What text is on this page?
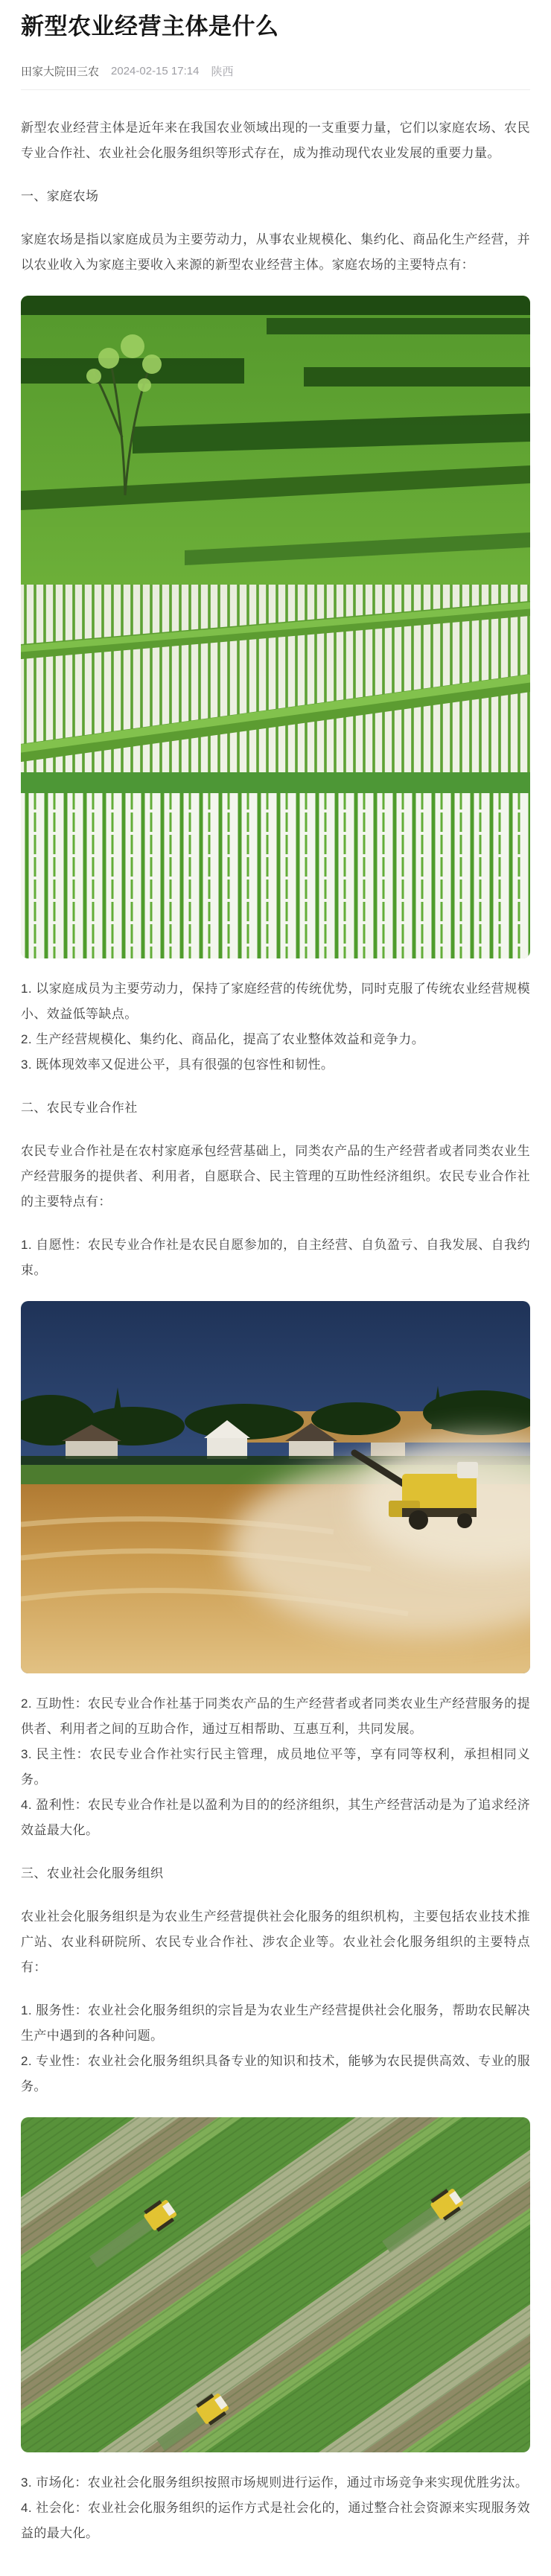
新型农业经营主体是什么
田家大院田三农 2024-02-15 17:14 陕西

新型农业经营主体是近年来在我国农业领域出现的一支重要力量，它们以家庭农场、农民专业合作社、农业社会化服务组织等形式存在，成为推动现代农业发展的重要力量。

一、家庭农场

家庭农场是指以家庭成员为主要劳动力，从事农业规模化、集约化、商品化生产经营，并以农业收入为家庭主要收入来源的新型农业经营主体。家庭农场的主要特点有：

1. 以家庭成员为主要劳动力，保持了家庭经营的传统优势，同时克服了传统农业经营规模小、效益低等缺点。

2. 生产经营规模化、集约化、商品化，提高了农业整体效益和竞争力。

3. 既体现效率又促进公平，具有很强的包容性和韧性。

二、农民专业合作社

农民专业合作社是在农村家庭承包经营基础上，同类农产品的生产经营者或者同类农业生产经营服务的提供者、利用者，自愿联合、民主管理的互助性经济组织。农民专业合作社的主要特点有：

1. 自愿性：农民专业合作社是农民自愿参加的，自主经营、自负盈亏、自我发展、自我约束。

2. 互助性：农民专业合作社基于同类农产品的生产经营者或者同类农业生产经营服务的提供者、利用者之间的互助合作，通过互相帮助、互惠互利，共同发展。

3. 民主性：农民专业合作社实行民主管理，成员地位平等，享有同等权利，承担相同义务。

4. 盈利性：农民专业合作社是以盈利为目的的经济组织，其生产经营活动是为了追求经济效益最大化。

三、农业社会化服务组织

农业社会化服务组织是为农业生产经营提供社会化服务的组织机构，主要包括农业技术推广站、农业科研院所、农民专业合作社、涉农企业等。农业社会化服务组织的主要特点有：

1. 服务性：农业社会化服务组织的宗旨是为农业生产经营提供社会化服务，帮助农民解决生产中遇到的各种问题。

2. 专业性：农业社会化服务组织具备专业的知识和技术，能够为农民提供高效、专业的服务。

3. 市场化：农业社会化服务组织按照市场规则进行运作，通过市场竞争来实现优胜劣汰。

4. 社会化：农业社会化服务组织的运作方式是社会化的，通过整合社会资源来实现服务效益的最大化。
